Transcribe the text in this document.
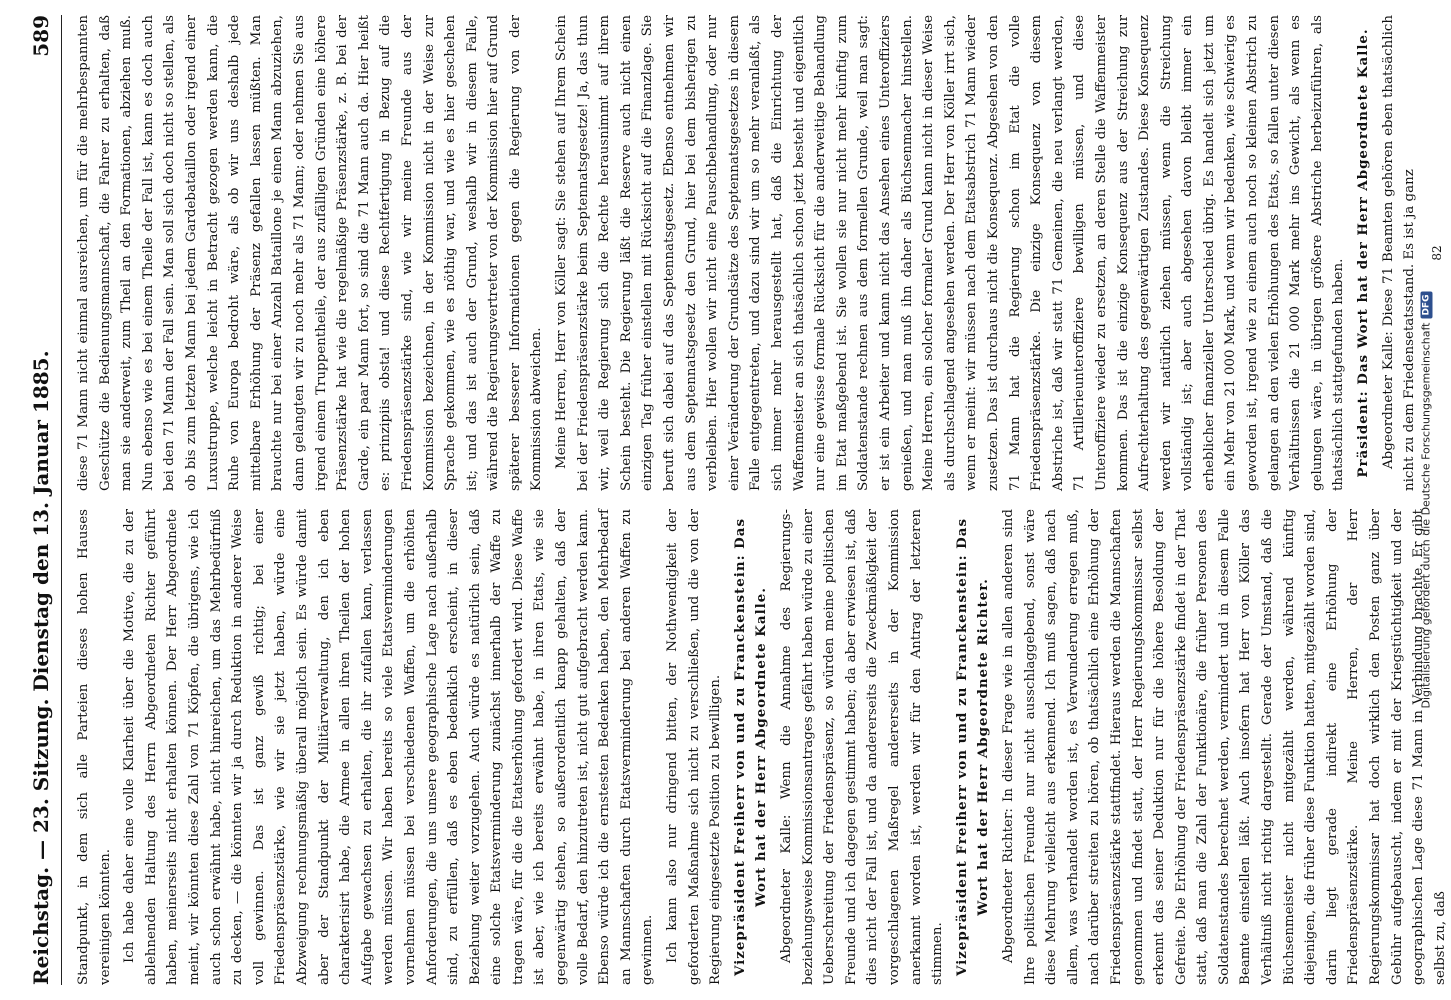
Reichstag. — 23. Sitzung. Dienstag den 13. Januar 1885.
589

Standpunkt, in dem sich alle Parteien dieses hohen Hauses vereinigen könnten. Ich habe daher eine volle Klarheit über die Motive, die zu der ablehnenden Haltung des Herrn Abgeordneten Richter geführt haben, meinerseits nicht erhalten können. Der Herr Abgeordnete meint, wir könnten diese Zahl von 71 Köpfen, die übrigens, wie ich auch schon erwähnt habe, nicht hinreichen, um das Mehrbedürfniß zu decken, — die könnten wir ja durch Reduktion in anderer Weise voll gewinnen. Das ist ganz gewiß richtig; bei einer Friedenspräsenzstärke, wie wir sie jetzt haben, würde eine Abzweigung rechnungsmäßig überall möglich sein. Es würde damit aber der Standpunkt der Militärverwaltung, den ich eben charakterisirt habe, die Armee in allen ihren Theilen der hohen Aufgabe gewachsen zu erhalten, die ihr zufallen kann, verlassen werden müssen. Wir haben bereits so viele Etatsverminderungen vornehmen müssen bei verschiedenen Waffen, um die erhöhten Anforderungen, die uns unsere geographische Lage nach außerhalb sind, zu erfüllen, daß es eben bedenklich erscheint, in dieser Beziehung weiter vorzugehen. Auch würde es natürlich sein, daß eine solche Etatsverminderung zunächst innerhalb der Waffe zu tragen wäre, für die die Etatserhöhung gefordert wird. Diese Waffe ist aber, wie ich bereits erwähnt habe, in ihren Etats, wie sie gegenwärtig stehen, so außerordentlich knapp gehalten, daß der volle Bedarf, den hinzutreten ist, nicht gut aufgebracht werden kann. Ebenso würde ich die ernstesten Bedenken haben, den Mehrbedarf an Mannschaften durch Etatsverminderung bei anderen Waffen zu gewinnen. Ich kann also nur dringend bitten, der Nothwendigkeit der geforderten Maßnahme sich nicht zu verschließen, und die von der Regierung eingesetzte Position zu bewilligen. Vizepräsident Freiherr von und zu Franckenstein: Das Wort hat der Herr Abgeordnete Kalle. Abgeordneter Kalle: Wenn die Annahme des Regierungs- beziehungsweise Kommissionsantrages gefährt haben würde zu einer Ueberschreitung der Friedenspräsenz, so würden meine politischen Freunde und ich dagegen gestimmt haben; da aber erwiesen ist, daß dies nicht der Fall ist, und da andererseits die Zweckmäßigkeit der vorgeschlagenen Maßregel andererseits in der Kommission anerkannt worden ist, werden wir für den Antrag der letzteren stimmen. Vizepräsident Freiherr von und zu Franckenstein: Das Wort hat der Herr Abgeordnete Richter. Abgeordneter Richter: In dieser Frage wie in allen anderen sind Ihre politischen Freunde nur nicht ausschlaggebend, sonst wäre diese Mehrung vielleicht aus erkennend. Ich muß sagen, daß nach allem, was verhandelt worden ist, es Verwunderung erregen muß, nach darüber streiten zu hören, ob thatsächlich eine Erhöhung der Friedenspräsenzstärke stattfindet. Hieraus werden die Mannschaften genommen und findet statt, der Herr Regierungskommissar selbst erkennt das seiner Deduktion nur für die höhere Besoldung der Gefreite. Die Erhöhung der Friedenspräsenzstärke findet in der That statt, daß man die Zahl der Funktionäre, die früher Personen des Soldatenstandes berechnet werden, vermindert und in diesem Falle Beamte einstellen läßt. Auch insofern hat Herr von Köller das Verhältniß nicht richtig dargestellt. Gerade der Umstand, daß die Büchsenmeister nicht mitgezählt werden, während künftig diejenigen, die früher diese Funktion hatten, mitgezählt worden sind, darin liegt gerade indirekt eine Erhöhung der Friedenspräsenzstärke. Meine Herren, der Herr Regierungskommissar hat doch wirklich den Posten ganz über Gebühr aufgebauscht, indem er mit der Kriegstüchtigkeit und der geographischen Lage diese 71 Mann in Verbindung brachte. Er gibt selbst zu, daß

diese 71 Mann nicht einmal ausreichen, um für die mehrbespannten Geschütze die Bedienungsmannschaft, die Fahrer zu erhalten, daß man sie anderweit, zum Theil an den Formationen, abziehen muß. Nun ebenso wie es bei einem Theile der Fall ist, kann es doch auch bei den 71 Mann der Fall sein. Man soll sich doch nicht so stellen, als ob bis zum letzten Mann bei jedem Gardebataillon oder irgend einer Luxustruppe, welche leicht in Betracht gezogen werden kann, die Ruhe von Europa bedroht wäre, als ob wir uns deshalb jede mittelbare Erhöhung der Präsenz gefallen lassen müßten. Man brauchte nur bei einer Anzahl Bataillone je einen Mann abzuziehen, dann gelangten wir zu noch mehr als 71 Mann; oder nehmen Sie aus irgend einem Truppentheile, der aus zufälligen Gründen eine höhere Präsenzstärke hat wie die regelmäßige Präsenzstärke, z. B. bei der Garde, ein paar Mann fort, so sind die 71 Mann auch da. Hier heißt es: prinzipiis obsta! und diese Rechtfertigung in Bezug auf die Friedenspräsenzstärke sind, wie wir meine Freunde aus der Kommission bezeichnen, in der Kommission nicht in der Weise zur Sprache gekommen, wie es nöthig war, und wie es hier geschehen ist; und das ist auch der Grund, weshalb wir in diesem Falle, während die Regierungsvertreter von der Kommission hier auf Grund späterer besserer Informationen gegen die Regierung von der Kommission abweichen. Meine Herren, Herr von Köller sagt: Sie stehen auf Ihrem Schein bei der Friedenspräsenzstärke beim Septennatsgesetze! Ja, das thun wir, weil die Regierung sich die Rechte herausnimmt auf ihrem Schein besteht. Die Regierung läßt die Reserve auch nicht einen einzigen Tag früher einstellen mit Rücksicht auf die Finanzlage. Sie beruft sich dabei auf das Septennatsgesetz. Ebenso entnehmen wir aus dem Septennatsgesetz den Grund, hier bei dem bisherigen zu verbleiben. Hier wollen wir nicht eine Pauschbehandlung, oder nur einer Veränderung der Grundsätze des Septennatsgesetzes in diesem Falle entgegentreten, und dazu sind wir um so mehr veranlaßt, als sich immer mehr herausgestellt hat, daß die Einrichtung der Waffenmeister an sich thatsächlich schon jetzt besteht und eigentlich nur eine gewisse formale Rücksicht für die anderweitige Behandlung im Etat maßgebend ist. Sie wollen sie nur nicht mehr künftig zum Soldatenstande rechnen aus dem formellen Grunde, weil man sagt: er ist ein Arbeiter und kann nicht das Ansehen eines Unteroffiziers genießen, und man muß ihn daher als Büchsenmacher hinstellen. Meine Herren, ein solcher formaler Grund kann nicht in dieser Weise als durchschlagend angesehen werden. Der Herr von Köller irrt sich, wenn er meint: wir müssen nach dem Etatsabstrich 71 Mann wieder zusetzen. Das ist durchaus nicht die Konsequenz. Abgesehen von den 71 Mann hat die Regierung schon im Etat die volle Friedenspräsenzstärke. Die einzige Konsequenz von diesem Abstriche ist, daß wir statt 71 Gemeinen, die neu verlangt werden, 71 Artillerieunteroffiziere bewilligen müssen, und diese Unteroffiziere wieder zu ersetzen, an deren Stelle die Waffenmeister kommen. Das ist die einzige Konsequenz aus der Streichung zur Aufrechterhaltung des gegenwärtigen Zustandes. Diese Konsequenz werden wir natürlich ziehen müssen, wenn die Streichung vollständig ist; aber auch abgesehen davon bleibt immer ein erheblicher finanzieller Unterschied übrig. Es handelt sich jetzt um ein Mehr von 21 000 Mark, und wenn wir bedenken, wie schwierig es geworden ist, irgend wie zu einem auch noch so kleinen Abstrich zu gelangen an den vielen Erhöhungen des Etats, so fallen unter diesen Verhältnissen die 21 000 Mark mehr ins Gewicht, als wenn es gelungen wäre, in übrigen größere Abstriche herbeizuführen, als thatsächlich stattgefunden haben. Präsident: Das Wort hat der Herr Abgeordnete Kalle. Abgeordneter Kalle: Diese 71 Beamten gehören eben thatsächlich nicht zu dem Friedensetatsstand. Es ist ja ganz 82
Digitalisierung gefördert durch die Deutsche Forschungsgemeinschaft
DFG
